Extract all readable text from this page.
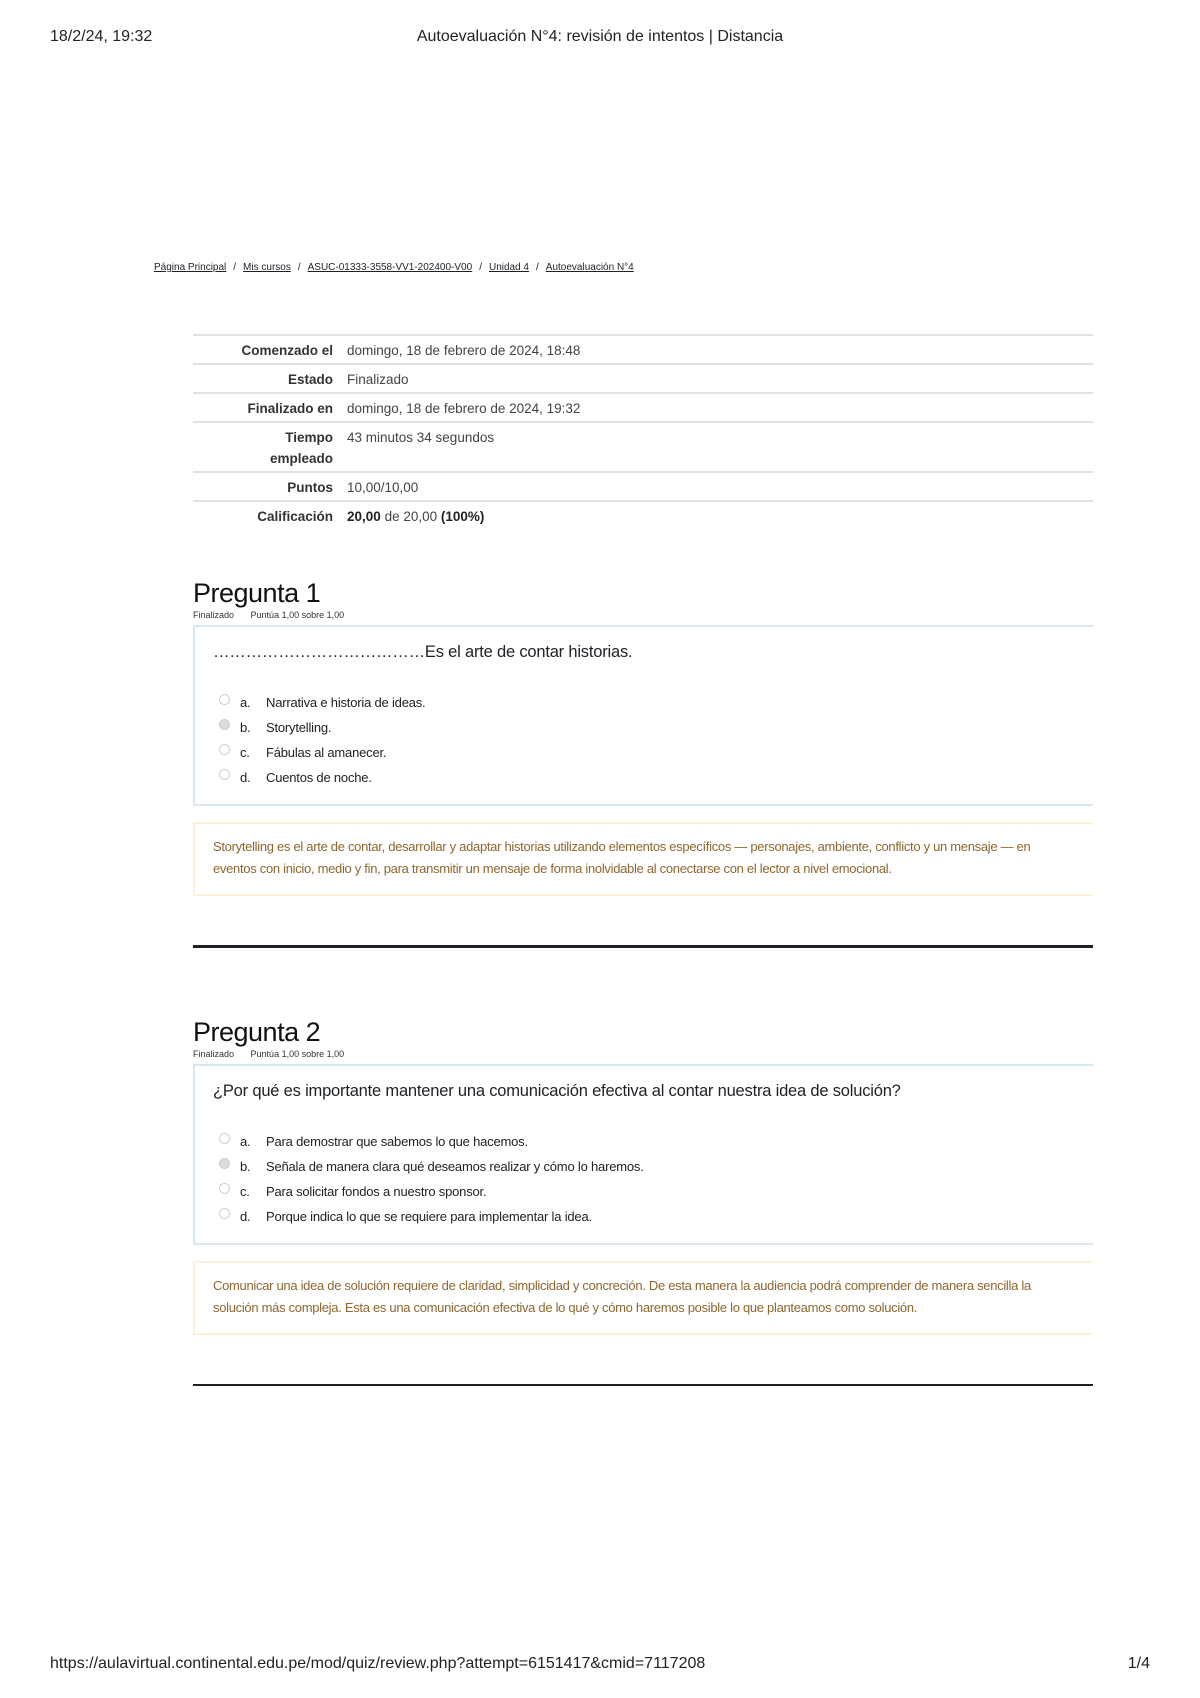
18/2/24, 19:32	Autoevaluación N°4: revisión de intentos | Distancia
Página Principal / Mis cursos / ASUC-01333-3558-VV1-202400-V00 / Unidad 4 / Autoevaluación N°4
Comenzado el	domingo, 18 de febrero de 2024, 18:48
Estado	Finalizado
Finalizado en	domingo, 18 de febrero de 2024, 19:32
Tiempo
empleado	43 minutos 34 segundos
Puntos	10,00/10,00
Calificación	20,00 de 20,00 (100%)
Pregunta 1
Finalizado Puntúa 1,00 sobre 1,00
…………………………………Es el arte de contar historias.
a.	Narrativa e historia de ideas.
b.	Storytelling.
c.	Fábulas al amanecer.
d.	Cuentos de noche.
Storytelling es el arte de contar, desarrollar y adaptar historias utilizando elementos específicos — personajes, ambiente, conflicto y un mensaje — en eventos con inicio, medio y fin, para transmitir un mensaje de forma inolvidable al conectarse con el lector a nivel emocional.
Pregunta 2
Finalizado Puntúa 1,00 sobre 1,00
¿Por qué es importante mantener una comunicación efectiva al contar nuestra idea de solución?
a.	Para demostrar que sabemos lo que hacemos.
b.	Señala de manera clara qué deseamos realizar y cómo lo haremos.
c.	Para solicitar fondos a nuestro sponsor.
d.	Porque indica lo que se requiere para implementar la idea.
Comunicar una idea de solución requiere de claridad, simplicidad y concreción. De esta manera la audiencia podrá comprender de manera sencilla la solución más compleja. Esta es una comunicación efectiva de lo qué y cómo haremos posible lo que planteamos como solución.
https://aulavirtual.continental.edu.pe/mod/quiz/review.php?attempt=6151417&cmid=7117208	1/4
